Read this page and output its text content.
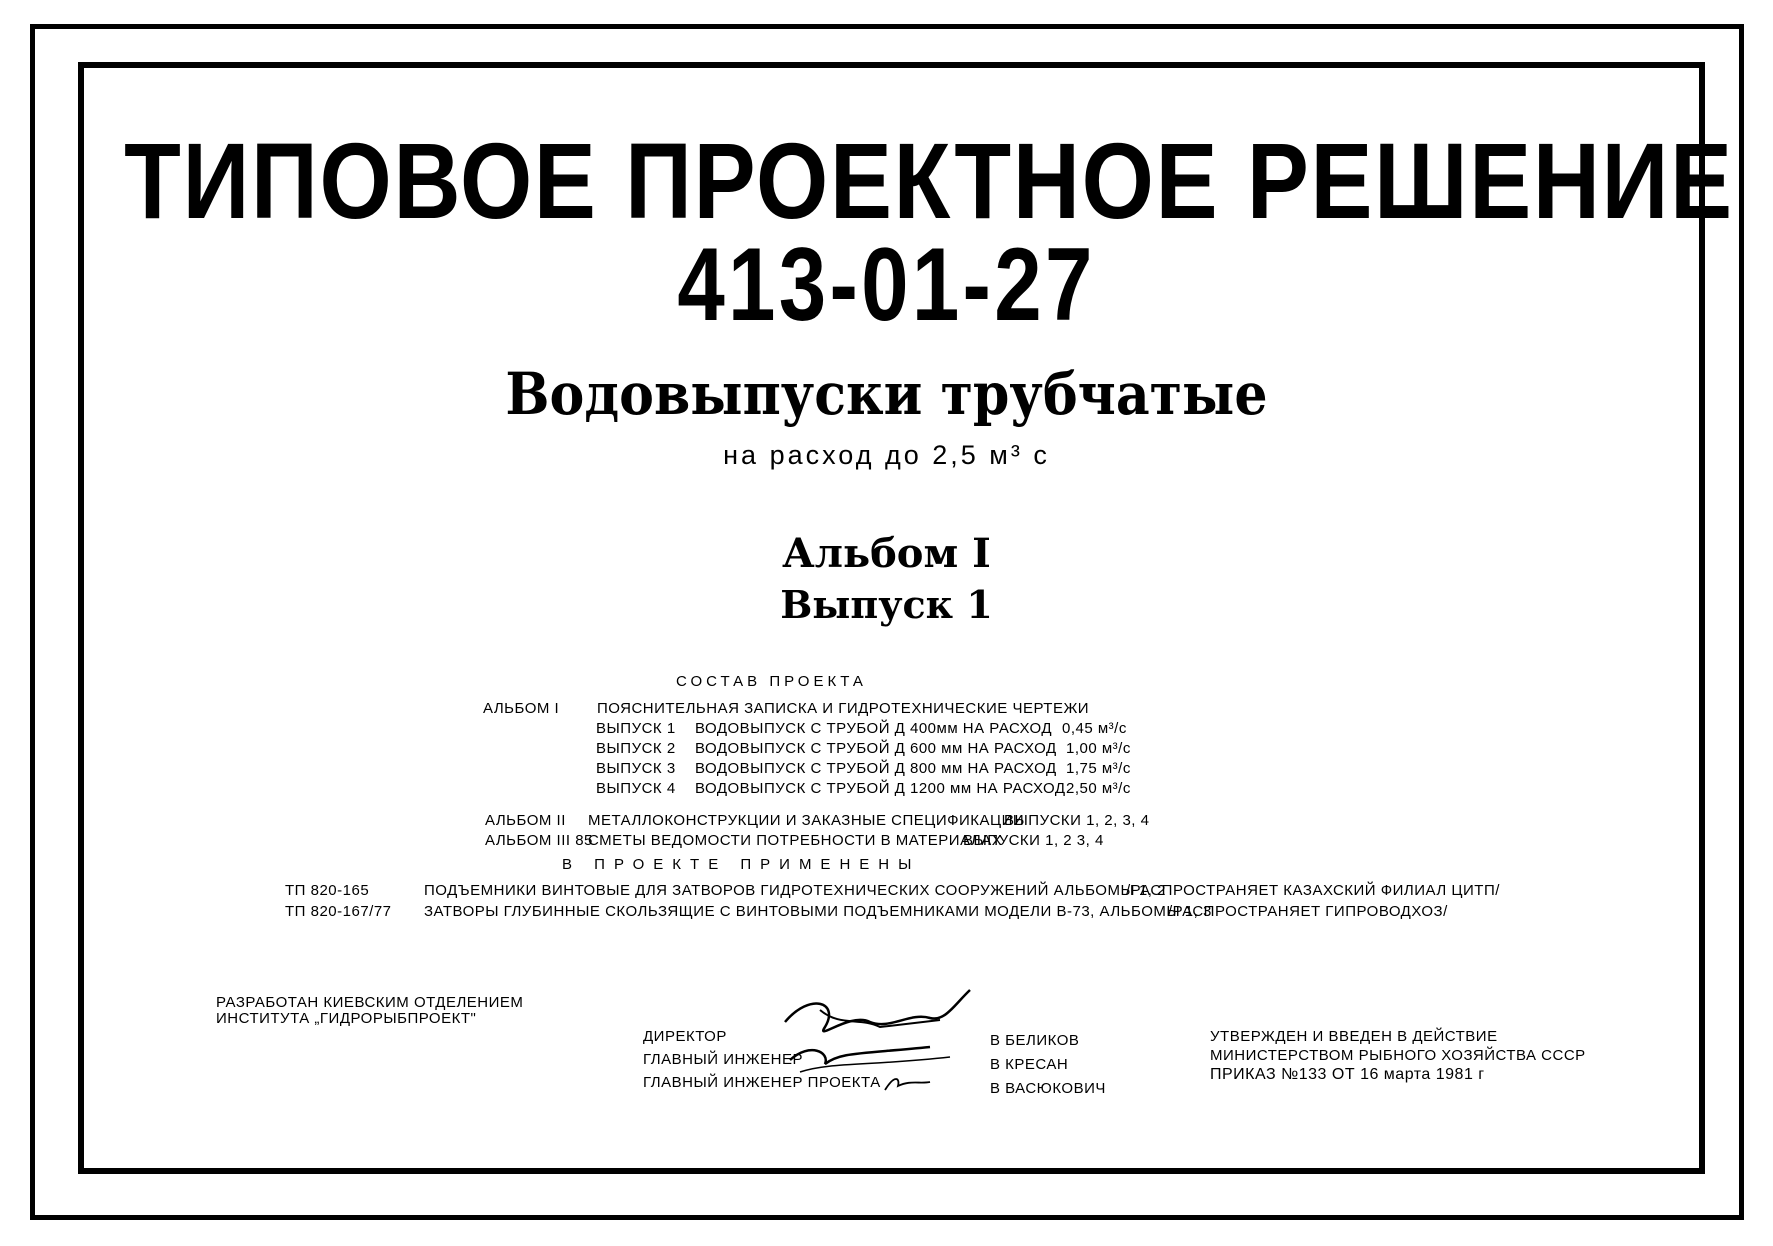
ТИПОВОЕ ПРОЕКТНОЕ РЕШЕНИЕ
413-01-27
Водовыпуски трубчатые
на расход до 2,5 м³ с
Альбом I
Выпуск 1
СОСТАВ ПРОЕКТА
АЛЬБОМ I	ПОЯСНИТЕЛЬНАЯ ЗАПИСКА И ГИДРОТЕХНИЧЕСКИЕ ЧЕРТЕЖИ
ВЫПУСК 1 ВОДОВЫПУСК С ТРУБОЙ Д 400мм НА РАСХОД 0,45 м³/с
ВЫПУСК 2 ВОДОВЫПУСК С ТРУБОЙ Д 600 мм НА РАСХОД 1,00 м³/с
ВЫПУСК 3 ВОДОВЫПУСК С ТРУБОЙ Д 800 мм НА РАСХОД 1,75 м³/с
ВЫПУСК 4 ВОДОВЫПУСК С ТРУБОЙ Д 1200 мм НА РАСХОД 2,50 м³/с
АЛЬБОМ II МЕТАЛЛОКОНСТРУКЦИИ И ЗАКАЗНЫЕ СПЕЦИФИКАЦИИ
ВЫПУСКИ 1, 2, 3, 4
АЛЬБОМ III 85
СМЕТЫ ВЕДОМОСТИ ПОТРЕБНОСТИ В МАТЕРИАЛАХ
ВЫПУСКИ 1, 2 3, 4
В ПРОЕКТЕ ПРИМЕНЕНЫ
ТП 820-165	ПОДЪЕМНИКИ ВИНТОВЫЕ ДЛЯ ЗАТВОРОВ ГИДРОТЕХНИЧЕСКИХ СООРУЖЕНИЙ АЛЬБОМЫ 1, 2
/РАСПРОСТРАНЯЕТ КАЗАХСКИЙ ФИЛИАЛ ЦИТП/
ТП 820-167/77 ЗАТВОРЫ ГЛУБИННЫЕ СКОЛЬЗЯЩИЕ С ВИНТОВЫМИ ПОДЪЕМНИКАМИ МОДЕЛИ В-73, АЛЬБОМЫ 1, 3
/РАСПРОСТРАНЯЕТ ГИПРОВОДХОЗ/
РАЗРАБОТАН КИЕВСКИМ ОТДЕЛЕНИЕМ
ИНСТИТУТА „ГИДРОРЫБПРОЕКТ"
ДИРЕКТОР
ГЛАВНЫЙ ИНЖЕНЕР
ГЛАВНЫЙ ИНЖЕНЕР ПРОЕКТА
В БЕЛИКОВ
В КРЕСАН
В ВАСЮКОВИЧ
УТВЕРЖДЕН И ВВЕДЕН В ДЕЙСТВИЕ
МИНИСТЕРСТВОМ РЫБНОГО ХОЗЯЙСТВА СССР
ПРИКАЗ №133 ОТ 16 марта 1981 г
